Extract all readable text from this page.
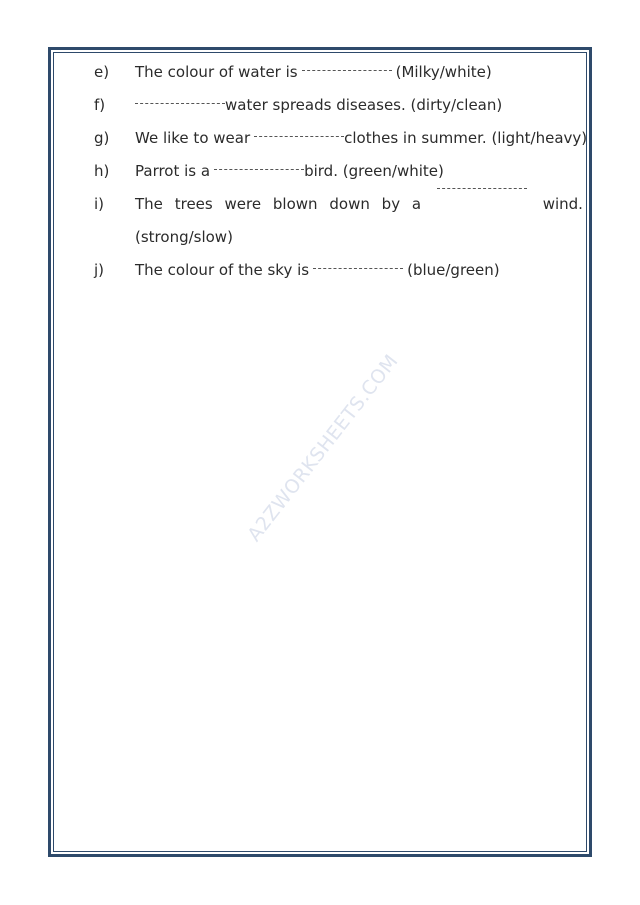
e) The colour of water is	(Milky/white)
f)	water spreads diseases. (dirty/clean)
g) We like to wear	clothes in summer. (light/heavy)
h) Parrot is a	bird. (green/white)
i) The trees were blown down by a	wind.
(strong/slow)
j) The colour of the sky is	(blue/green)
A2ZWORKSHEETS.COM
